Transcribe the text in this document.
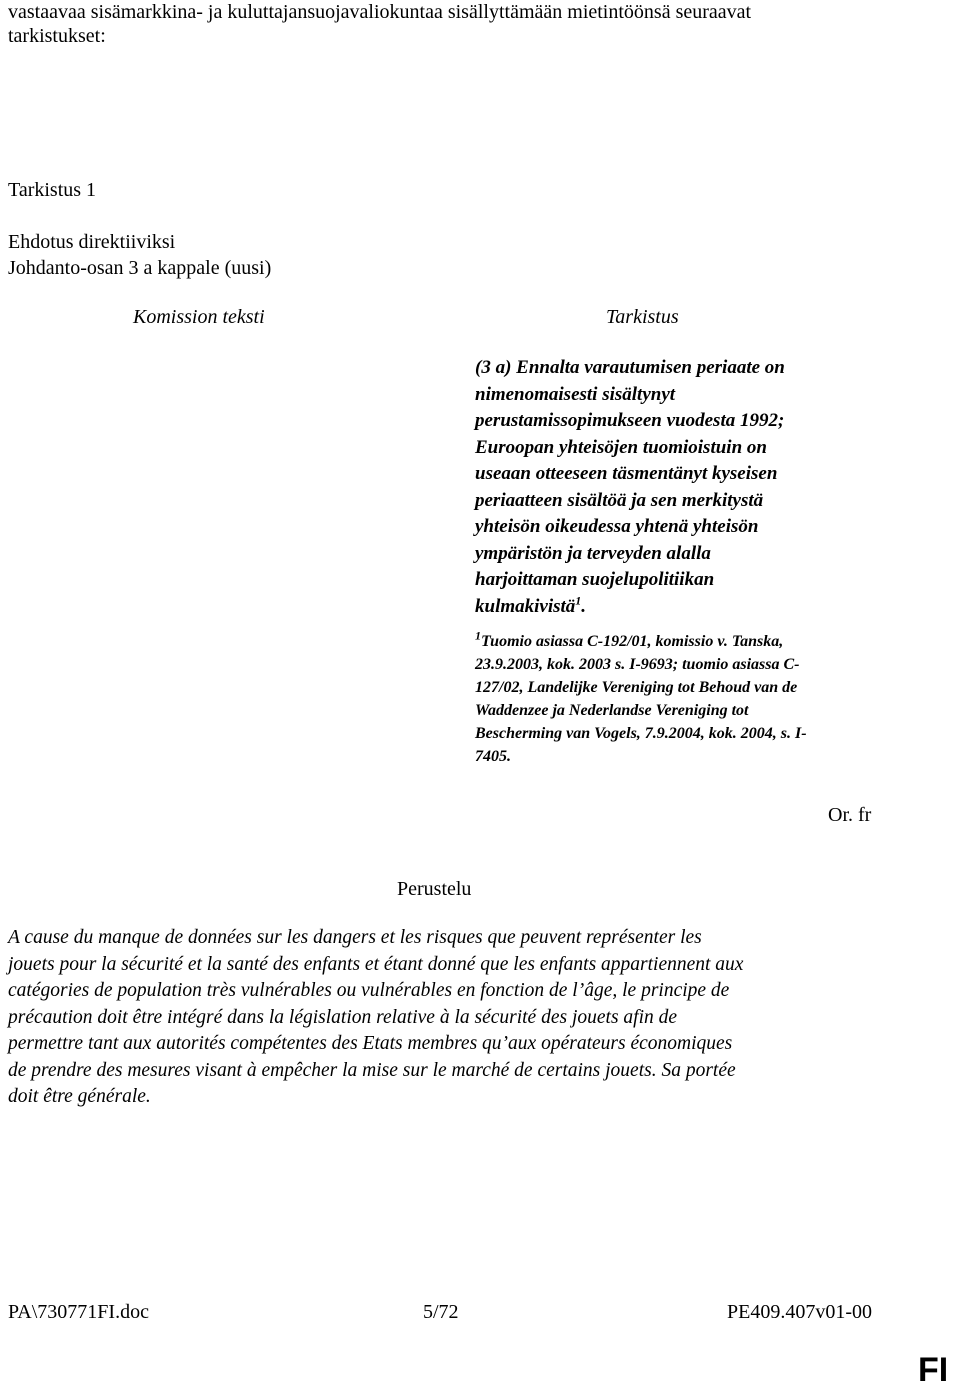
vastaavaa sisämarkkina- ja kuluttajansuojavaliokuntaa sisällyttämään mietintöönsä seuraavat
tarkistukset:
Tarkistus 1
Ehdotus direktiiviksi
Johdanto-osan 3 a kappale (uusi)
Komission teksti	Tarkistus
(3 a) Ennalta varautumisen periaate on
nimenomaisesti sisältynyt
perustamissopimukseen vuodesta 1992;
Euroopan yhteisöjen tuomioistuin on
useaan otteeseen täsmentänyt kyseisen
periaatteen sisältöä ja sen merkitystä
yhteisön oikeudessa yhtenä yhteisön
ympäristön ja terveyden alalla
harjoittaman suojelupolitiikan
kulmakivistä$^1$.
$^1$Tuomio asiassa C-192/01, komissio v. Tanska,
23.9.2003, kok. 2003 s. I-9693; tuomio asiassa C-
127/02, Landelijke Vereniging tot Behoud van de
Waddenzee ja Nederlandse Vereniging tot
Bescherming van Vogels, 7.9.2004, kok. 2004, s. I-
7405.
Or. fr
Perustelu
A cause du manque de données sur les dangers et les risques que peuvent représenter les
jouets pour la sécurité et la santé des enfants et étant donné que les enfants appartiennent aux
catégories de population très vulnérables ou vulnérables en fonction de l’âge, le principe de
précaution doit être intégré dans la législation relative à la sécurité des jouets afin de
permettre tant aux autorités compétentes des Etats membres qu’aux opérateurs économiques
de prendre des mesures visant à empêcher la mise sur le marché de certains jouets. Sa portée
doit être générale.
PA\730771FI.doc	5/72	PE409.407v01-00
FI
